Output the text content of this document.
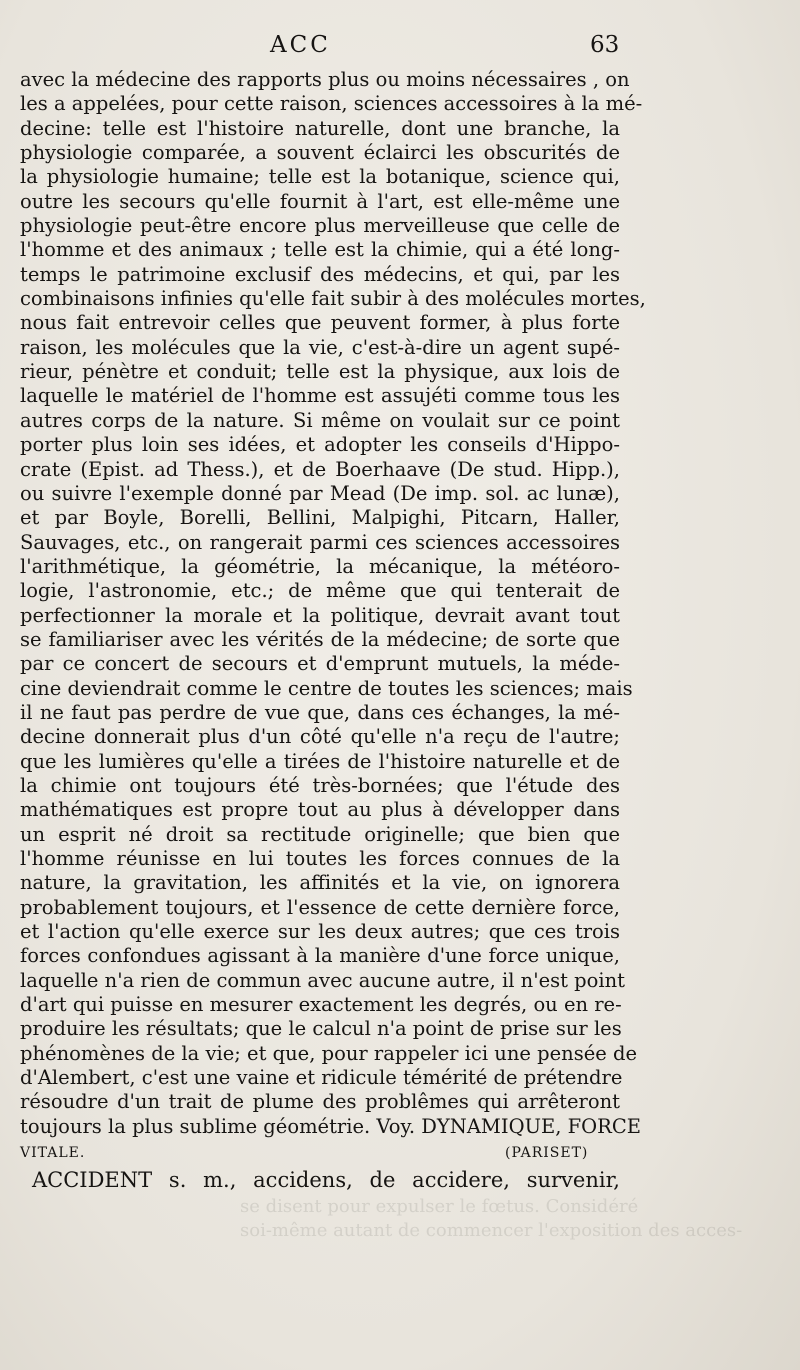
ACC	63
se disent pour expulser le fœtus. Considéré
soi-même autant de commencer l'exposition des acces-
avec la médecine des rapports plus ou moins nécessaires , on
les a appelées, pour cette raison, sciences accessoires à la mé-
decine: telle est l'histoire naturelle, dont une branche, la
physiologie comparée, a souvent éclairci les obscurités de
la physiologie humaine; telle est la botanique, science qui,
outre les secours qu'elle fournit à l'art, est elle-même une
physiologie peut-être encore plus merveilleuse que celle de
l'homme et des animaux ; telle est la chimie, qui a été long-
temps le patrimoine exclusif des médecins, et qui, par les
combinaisons infinies qu'elle fait subir à des molécules mortes,
nous fait entrevoir celles que peuvent former, à plus forte
raison, les molécules que la vie, c'est-à-dire un agent supé-
rieur, pénètre et conduit; telle est la physique, aux lois de
laquelle le matériel de l'homme est assujéti comme tous les
autres corps de la nature. Si même on voulait sur ce point
porter plus loin ses idées, et adopter les conseils d'Hippo-
crate (Epist. ad Thess.), et de Boerhaave (De stud. Hipp.),
ou suivre l'exemple donné par Mead (De imp. sol. ac lunæ),
et par Boyle, Borelli, Bellini, Malpighi, Pitcarn, Haller,
Sauvages, etc., on rangerait parmi ces sciences accessoires
l'arithmétique, la géométrie, la mécanique, la météoro-
logie, l'astronomie, etc.; de même que qui tenterait de
perfectionner la morale et la politique, devrait avant tout
se familiariser avec les vérités de la médecine; de sorte que
par ce concert de secours et d'emprunt mutuels, la méde-
cine deviendrait comme le centre de toutes les sciences; mais
il ne faut pas perdre de vue que, dans ces échanges, la mé-
decine donnerait plus d'un côté qu'elle n'a reçu de l'autre;
que les lumières qu'elle a tirées de l'histoire naturelle et de
la chimie ont toujours été très-bornées; que l'étude des
mathématiques est propre tout au plus à développer dans
un esprit né droit sa rectitude originelle; que bien que
l'homme réunisse en lui toutes les forces connues de la
nature, la gravitation, les affinités et la vie, on ignorera
probablement toujours, et l'essence de cette dernière force,
et l'action qu'elle exerce sur les deux autres; que ces trois
forces confondues agissant à la manière d'une force unique,
laquelle n'a rien de commun avec aucune autre, il n'est point
d'art qui puisse en mesurer exactement les degrés, ou en re-
produire les résultats; que le calcul n'a point de prise sur les
phénomènes de la vie; et que, pour rappeler ici une pensée de
d'Alembert, c'est une vaine et ridicule témérité de prétendre
résoudre d'un trait de plume des problêmes qui arrêteront
toujours la plus sublime géométrie. Voy. DYNAMIQUE, FORCE
VITALE.	(PARISET)
ACCIDENT s. m., accidens, de accidere, survenir,
